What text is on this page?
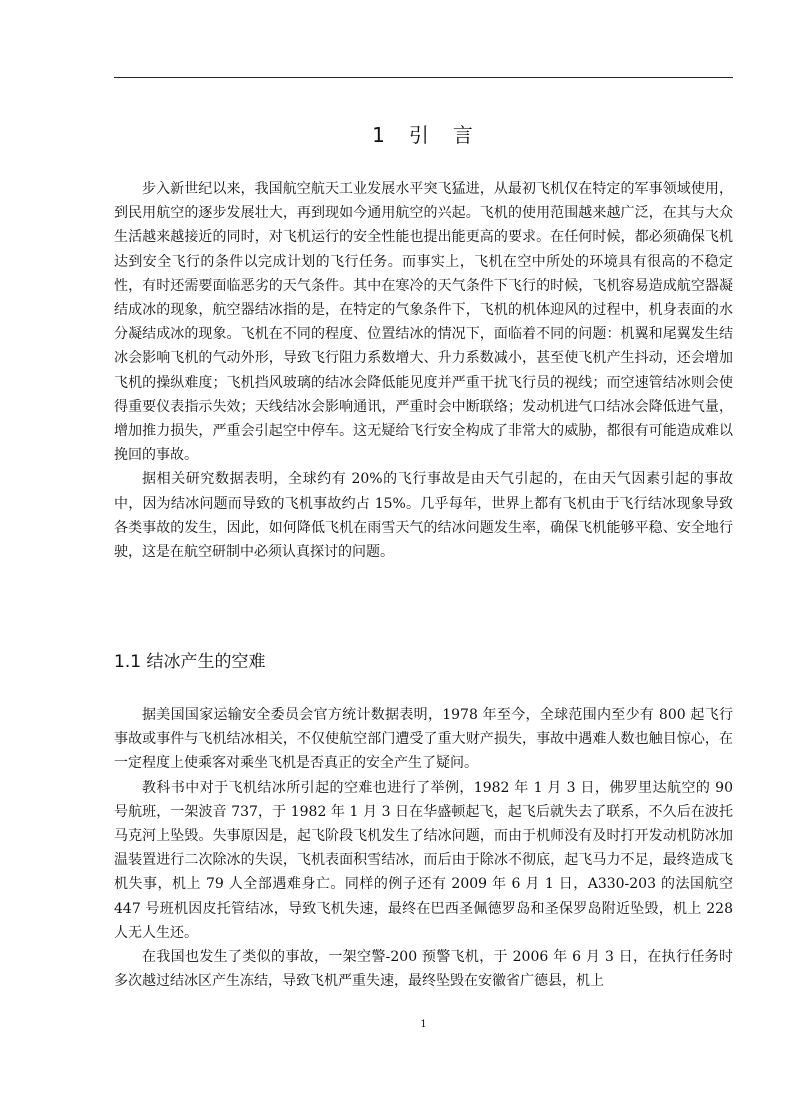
1　引　言

步入新世纪以来，我国航空航天工业发展水平突飞猛进，从最初飞机仅在特定的军事领域使用，到民用航空的逐步发展壮大，再到现如今通用航空的兴起。飞机的使用范围越来越广泛，在其与大众生活越来越接近的同时，对飞机运行的安全性能也提出能更高的要求。在任何时候，都必须确保飞机达到安全飞行的条件以完成计划的飞行任务。而事实上，飞机在空中所处的环境具有很高的不稳定性，有时还需要面临恶劣的天气条件。其中在寒冷的天气条件下飞行的时候，飞机容易造成航空器凝结成冰的现象，航空器结冰指的是，在特定的气象条件下，飞机的机体迎风的过程中，机身表面的水分凝结成冰的现象。飞机在不同的程度、位置结冰的情况下，面临着不同的问题：机翼和尾翼发生结冰会影响飞机的气动外形，导致飞行阻力系数增大、升力系数减小，甚至使飞机产生抖动，还会增加飞机的操纵难度；飞机挡风玻璃的结冰会降低能见度并严重干扰飞行员的视线；而空速管结冰则会使得重要仪表指示失效；天线结冰会影响通讯，严重时会中断联络；发动机进气口结冰会降低进气量，增加推力损失，严重会引起空中停车。这无疑给飞行安全构成了非常大的威胁，都很有可能造成难以挽回的事故。

据相关研究数据表明，全球约有 20%的飞行事故是由天气引起的，在由天气因素引起的事故中，因为结冰问题而导致的飞机事故约占 15%。几乎每年，世界上都有飞机由于飞行结冰现象导致各类事故的发生，因此，如何降低飞机在雨雪天气的结冰问题发生率，确保飞机能够平稳、安全地行驶，这是在航空研制中必须认真探讨的问题。

1.1 结冰产生的空难

据美国国家运输安全委员会官方统计数据表明，1978 年至今，全球范围内至少有 800 起飞行事故或事件与飞机结冰相关，不仅使航空部门遭受了重大财产损失，事故中遇难人数也触目惊心，在一定程度上使乘客对乘坐飞机是否真正的安全产生了疑问。

教科书中对于飞机结冰所引起的空难也进行了举例，1982 年 1 月 3 日，佛罗里达航空的 90 号航班，一架波音 737，于 1982 年 1 月 3 日在华盛顿起飞，起飞后就失去了联系，不久后在波托马克河上坠毁。失事原因是，起飞阶段飞机发生了结冰问题，而由于机师没有及时打开发动机防冰加温装置进行二次除冰的失误，飞机表面积雪结冰，而后由于除冰不彻底，起飞马力不足，最终造成飞机失事，机上 79 人全部遇难身亡。同样的例子还有 2009 年 6 月 1 日，A330-203 的法国航空 447 号班机因皮托管结冰，导致飞机失速，最终在巴西圣佩德罗岛和圣保罗岛附近坠毁，机上 228 人无人生还。

在我国也发生了类似的事故，一架空警-200 预警飞机，于 2006 年 6 月 3 日，在执行任务时多次越过结冰区产生冻结，导致飞机严重失速，最终坠毁在安徽省广德县，机上

1
